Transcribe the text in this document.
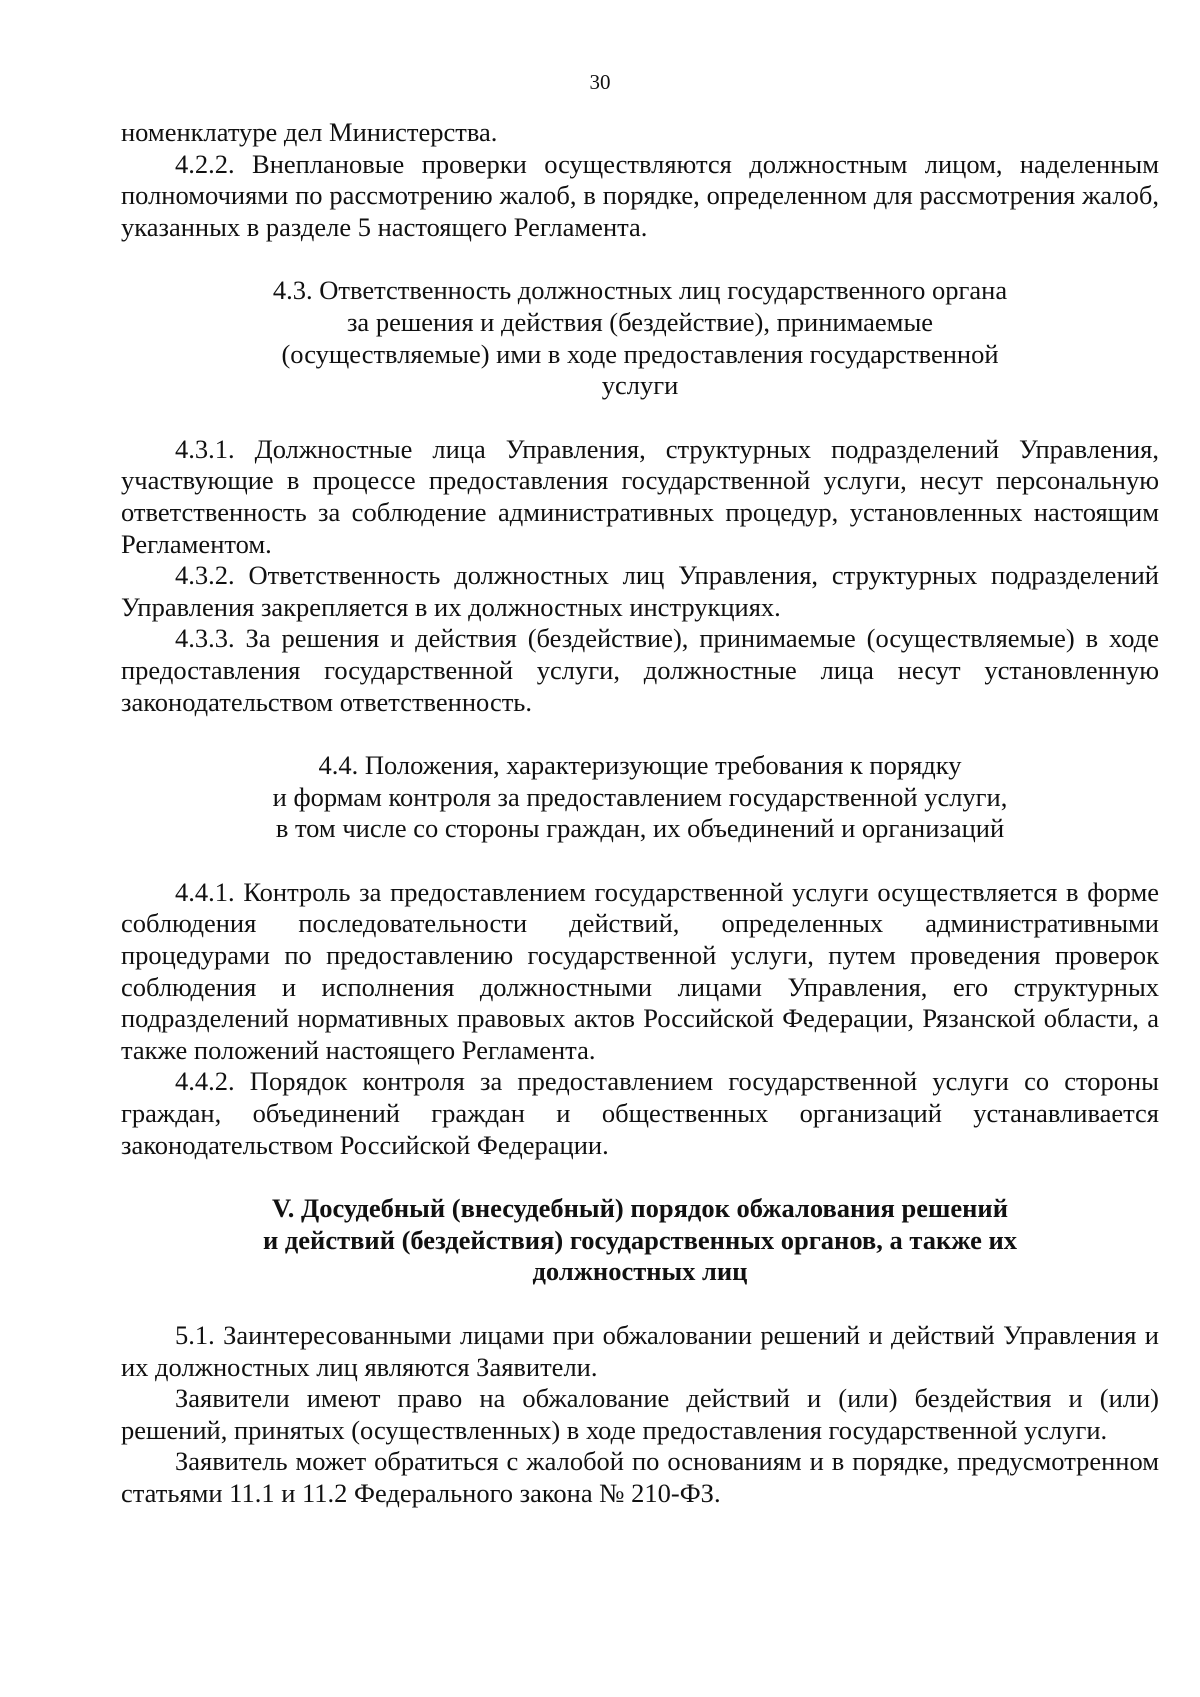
30

номенклатуре дел Министерства.

4.2.2. Внеплановые проверки осуществляются должностным лицом, наделенным полномочиями по рассмотрению жалоб, в порядке, определенном для рассмотрения жалоб, указанных в разделе 5 настоящего Регламента.

4.3. Ответственность должностных лиц государственного органа
за решения и действия (бездействие), принимаемые
(осуществляемые) ими в ходе предоставления государственной
услуги

4.3.1. Должностные лица Управления, структурных подразделений Управления, участвующие в процессе предоставления государственной услуги, несут персональную ответственность за соблюдение административных процедур, установленных настоящим Регламентом.

4.3.2. Ответственность должностных лиц Управления, структурных подразделений Управления закрепляется в их должностных инструкциях.

4.3.3. За решения и действия (бездействие), принимаемые (осуществляемые) в ходе предоставления государственной услуги, должностные лица несут установленную законодательством ответственность.

4.4. Положения, характеризующие требования к порядку
и формам контроля за предоставлением государственной услуги,
в том числе со стороны граждан, их объединений и организаций

4.4.1. Контроль за предоставлением государственной услуги осуществляется в форме соблюдения последовательности действий, определенных административными процедурами по предоставлению государственной услуги, путем проведения проверок соблюдения и исполнения должностными лицами Управления, его структурных подразделений нормативных правовых актов Российской Федерации, Рязанской области, а также положений настоящего Регламента.

4.4.2. Порядок контроля за предоставлением государственной услуги со стороны граждан, объединений граждан и общественных организаций устанавливается законодательством Российской Федерации.

V. Досудебный (внесудебный) порядок обжалования решений
и действий (бездействия) государственных органов, а также их
должностных лиц

5.1. Заинтересованными лицами при обжаловании решений и действий Управления и их должностных лиц являются Заявители.

Заявители имеют право на обжалование действий и (или) бездействия и (или) решений, принятых (осуществленных) в ходе предоставления государственной услуги.

Заявитель может обратиться с жалобой по основаниям и в порядке, предусмотренном статьями 11.1 и 11.2 Федерального закона № 210-ФЗ.
